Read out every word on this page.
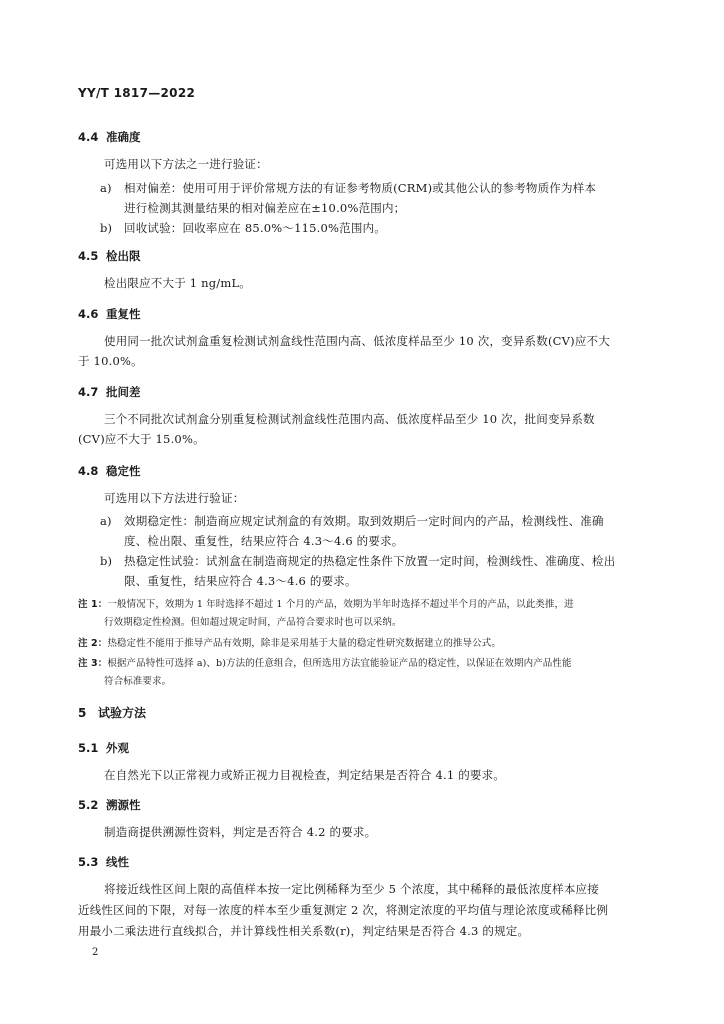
YY/T 1817—2022
4.4 准确度
可选用以下方法之一进行验证：
a) 相对偏差：使用可用于评价常规方法的有证参考物质(CRM)或其他公认的参考物质作为样本
进行检测其测量结果的相对偏差应在±10.0%范围内；
b) 回收试验：回收率应在 85.0%～115.0%范围内。
4.5 检出限
检出限应不大于 1 ng/mL。
4.6 重复性
使用同一批次试剂盒重复检测试剂盒线性范围内高、低浓度样品至少 10 次，变异系数(CV)应不大
于 10.0%。
4.7 批间差
三个不同批次试剂盒分别重复检测试剂盒线性范围内高、低浓度样品至少 10 次，批间变异系数
(CV)应不大于 15.0%。
4.8 稳定性
可选用以下方法进行验证：
a) 效期稳定性：制造商应规定试剂盒的有效期。取到效期后一定时间内的产品，检测线性、准确
度、检出限、重复性，结果应符合 4.3～4.6 的要求。
b) 热稳定性试验：试剂盒在制造商规定的热稳定性条件下放置一定时间，检测线性、准确度、检出
限、重复性，结果应符合 4.3～4.6 的要求。
注 1：一般情况下，效期为 1 年时选择不超过 1 个月的产品，效期为半年时选择不超过半个月的产品，以此类推，进
行效期稳定性检测。但如超过规定时间，产品符合要求时也可以采纳。
注 2：热稳定性不能用于推导产品有效期，除非是采用基于大量的稳定性研究数据建立的推导公式。
注 3：根据产品特性可选择 a)、b)方法的任意组合，但所选用方法宜能验证产品的稳定性，以保证在效期内产品性能
符合标准要求。
5 试验方法
5.1 外观
在自然光下以正常视力或矫正视力目视检查，判定结果是否符合 4.1 的要求。
5.2 溯源性
制造商提供溯源性资料，判定是否符合 4.2 的要求。
5.3 线性
将接近线性区间上限的高值样本按一定比例稀释为至少 5 个浓度，其中稀释的最低浓度样本应接
近线性区间的下限，对每一浓度的样本至少重复测定 2 次，将测定浓度的平均值与理论浓度或稀释比例
用最小二乘法进行直线拟合，并计算线性相关系数(r)，判定结果是否符合 4.3 的规定。
2
